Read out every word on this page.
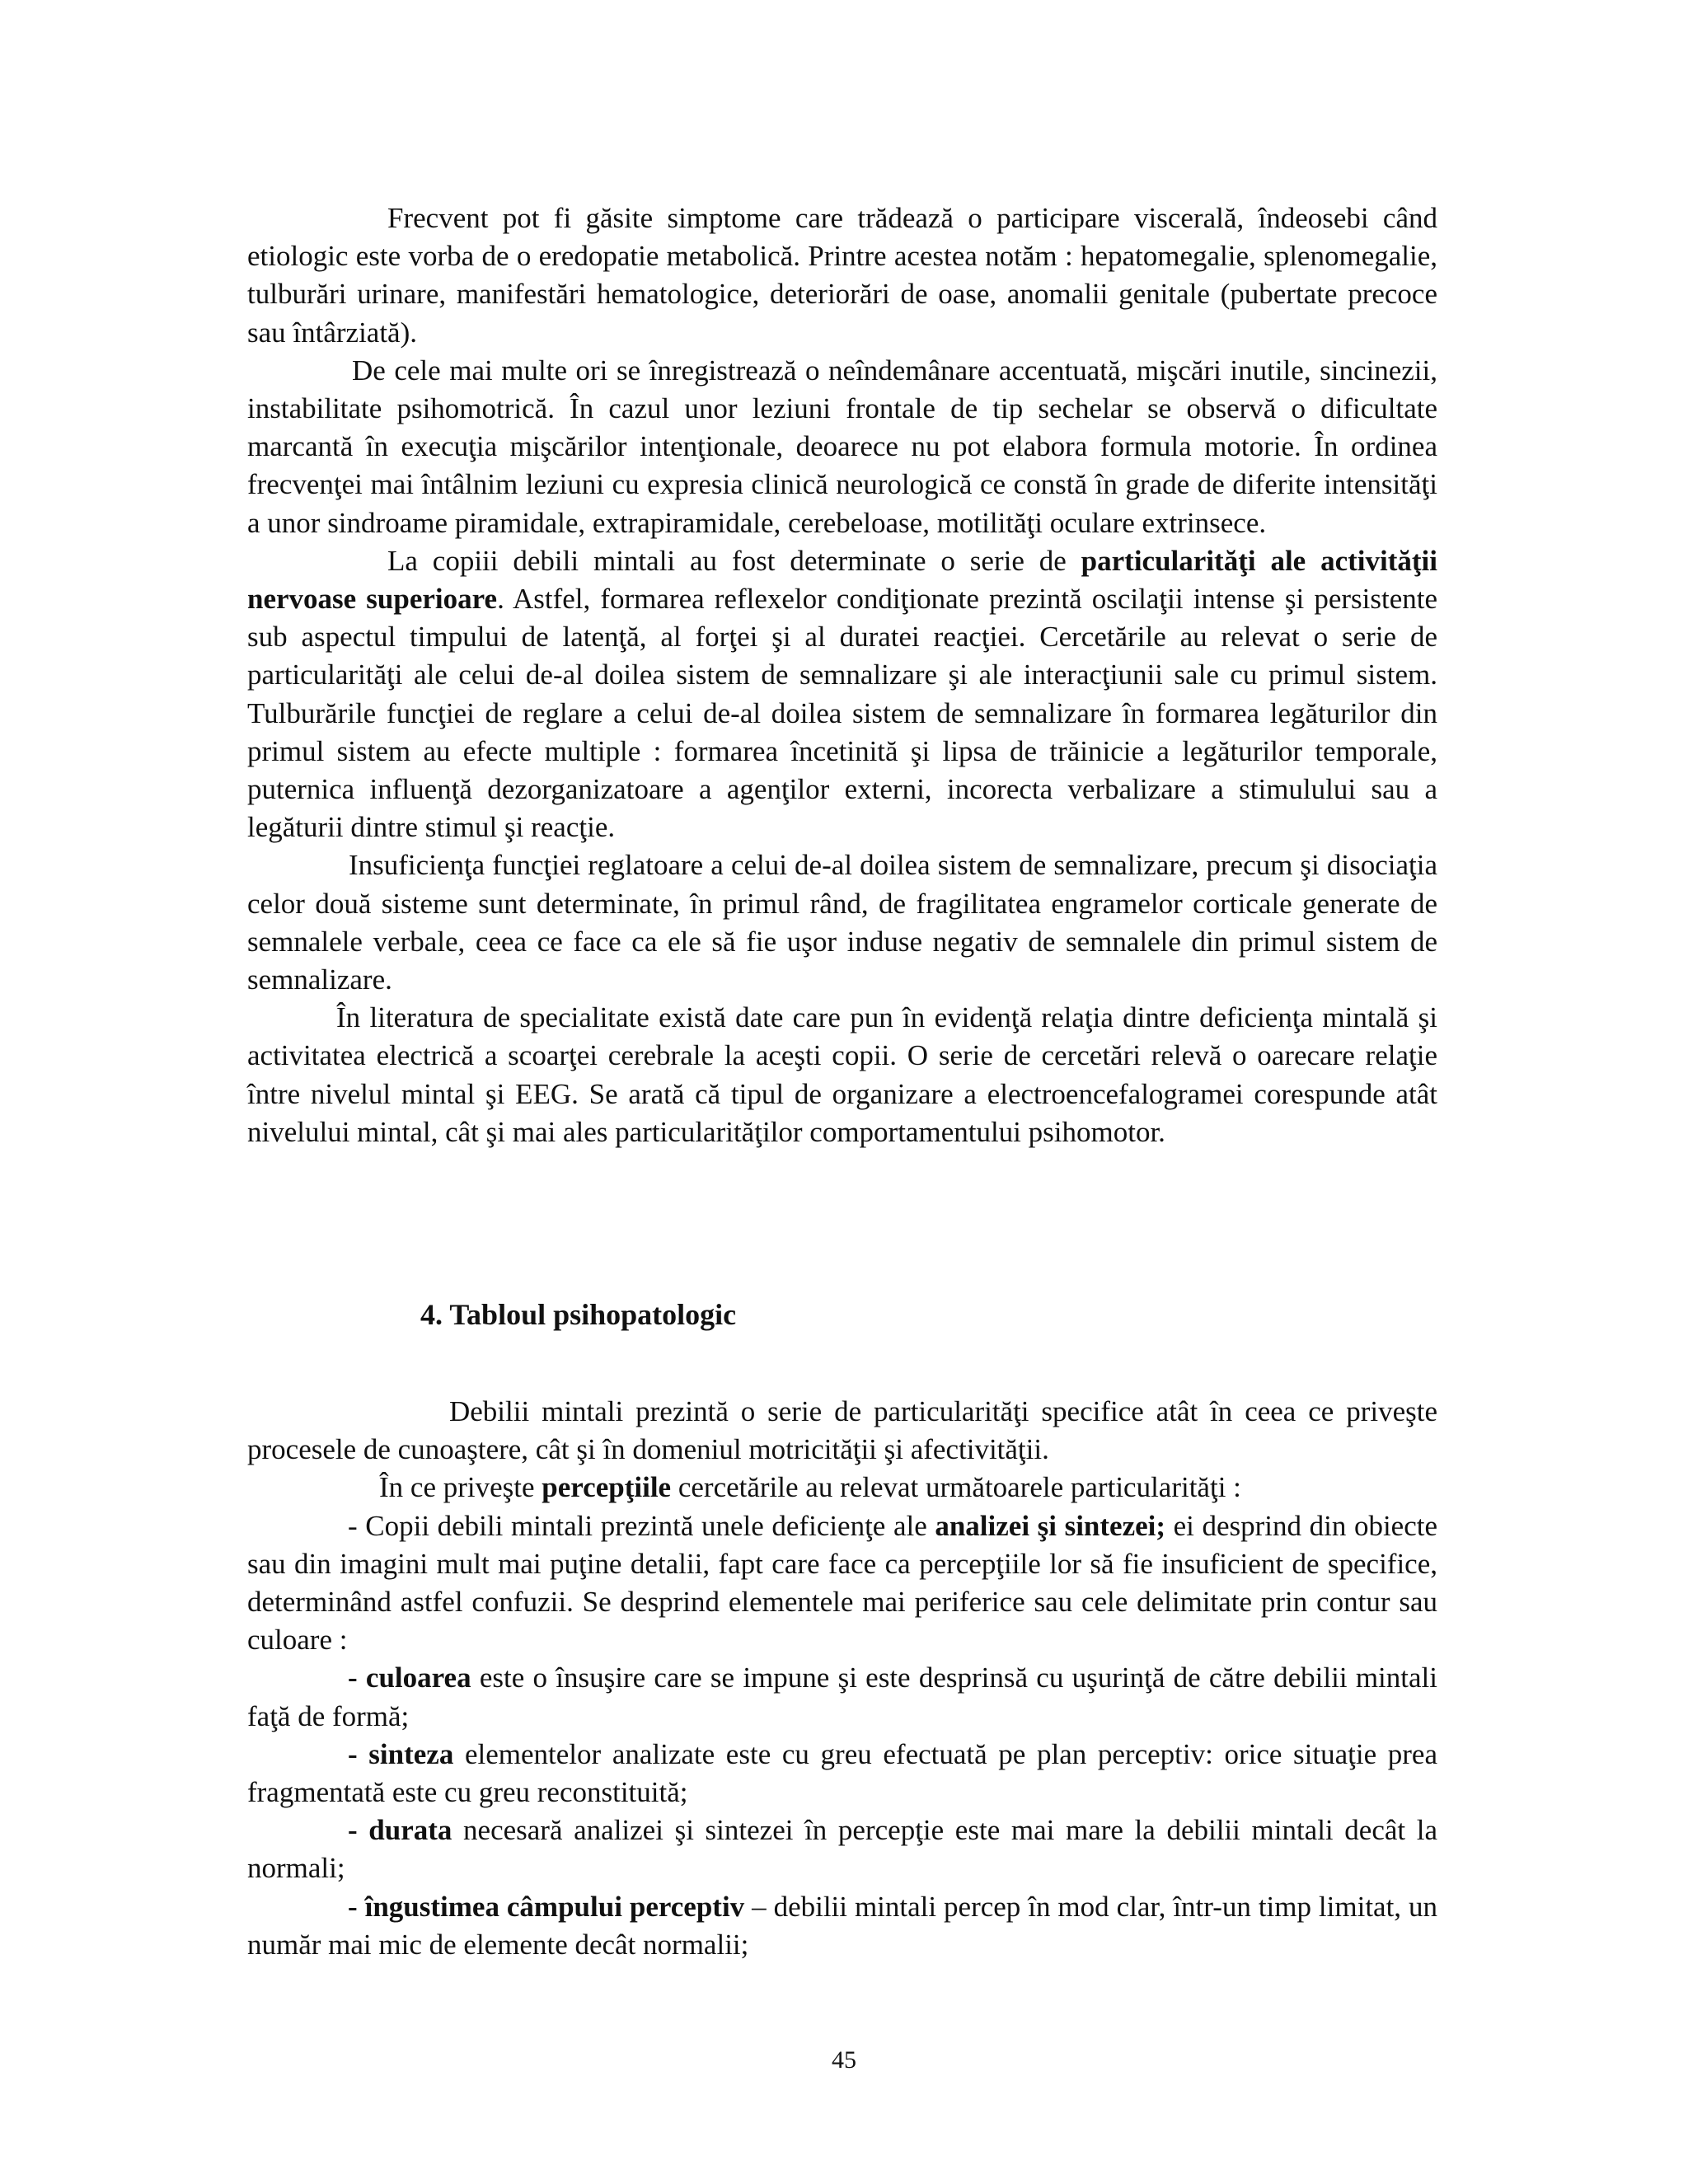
Frecvent pot fi găsite simptome care trădează o participare viscerală, îndeosebi când etiologic este vorba de o eredopatie metabolică. Printre acestea notăm : hepatomegalie, splenomegalie, tulburări urinare, manifestări hematologice, deteriorări de oase, anomalii genitale (pubertate precoce sau întârziată).

De cele mai multe ori se înregistrează o neîndemânare accentuată, mişcări inutile, sincinezii, instabilitate psihomotrică. În cazul unor leziuni frontale de tip sechelar se observă o dificultate marcantă în execuţia mişcărilor intenţionale, deoarece nu pot elabora formula motorie. În ordinea frecvenţei mai întâlnim leziuni cu expresia clinică neurologică ce constă în grade de diferite intensităţi a unor sindroame piramidale, extrapiramidale, cerebeloase, motilităţi oculare extrinsece.

La copiii debili mintali au fost determinate o serie de particularităţi ale activităţii nervoase superioare. Astfel, formarea reflexelor condiţionate prezintă oscilaţii intense şi persistente sub aspectul timpului de latenţă, al forţei şi al duratei reacţiei. Cercetările au relevat o serie de particularităţi ale celui de-al doilea sistem de semnalizare şi ale interacţiunii sale cu primul sistem. Tulburările funcţiei de reglare a celui de-al doilea sistem de semnalizare în formarea legăturilor din primul sistem au efecte multiple : formarea încetinită şi lipsa de trăinicie a legăturilor temporale, puternica influenţă dezorganizatoare a agenţilor externi, incorecta verbalizare a stimulului sau a legăturii dintre stimul şi reacţie.

Insuficienţa funcţiei reglatoare a celui de-al doilea sistem de semnalizare, precum şi disociaţia celor două sisteme sunt determinate, în primul rând, de fragilitatea engramelor corticale generate de semnalele verbale, ceea ce face ca ele să fie uşor induse negativ de semnalele din primul sistem de semnalizare.

În literatura de specialitate există date care pun în evidenţă relaţia dintre deficienţa mintală şi activitatea electrică a scoarţei cerebrale la aceşti copii. O serie de cercetări relevă o oarecare relaţie între nivelul mintal şi EEG. Se arată că tipul de organizare a electroencefalogramei corespunde atât nivelului mintal, cât şi mai ales particularităţilor comportamentului psihomotor.

4. Tabloul psihopatologic

Debilii mintali prezintă o serie de particularităţi specifice atât în ceea ce priveşte procesele de cunoaştere, cât şi în domeniul motricităţii şi afectivităţii.

În ce priveşte percepţiile cercetările au relevat următoarele particularităţi :

- Copii debili mintali prezintă unele deficienţe ale analizei şi sintezei; ei desprind din obiecte sau din imagini mult mai puţine detalii, fapt care face ca percepţiile lor să fie insuficient de specifice, determinând astfel confuzii. Se desprind elementele mai periferice sau cele delimitate prin contur sau culoare :

- culoarea este o însuşire care se impune şi este desprinsă cu uşurinţă de către debilii mintali faţă de formă;

- sinteza elementelor analizate este cu greu efectuată pe plan perceptiv: orice situaţie prea fragmentată este cu greu reconstituită;

- durata necesară analizei şi sintezei în percepţie este mai mare la debilii mintali decât la normali;

- îngustimea câmpului perceptiv – debilii mintali percep în mod clar, într-un timp limitat, un număr mai mic de elemente decât normalii;

45
